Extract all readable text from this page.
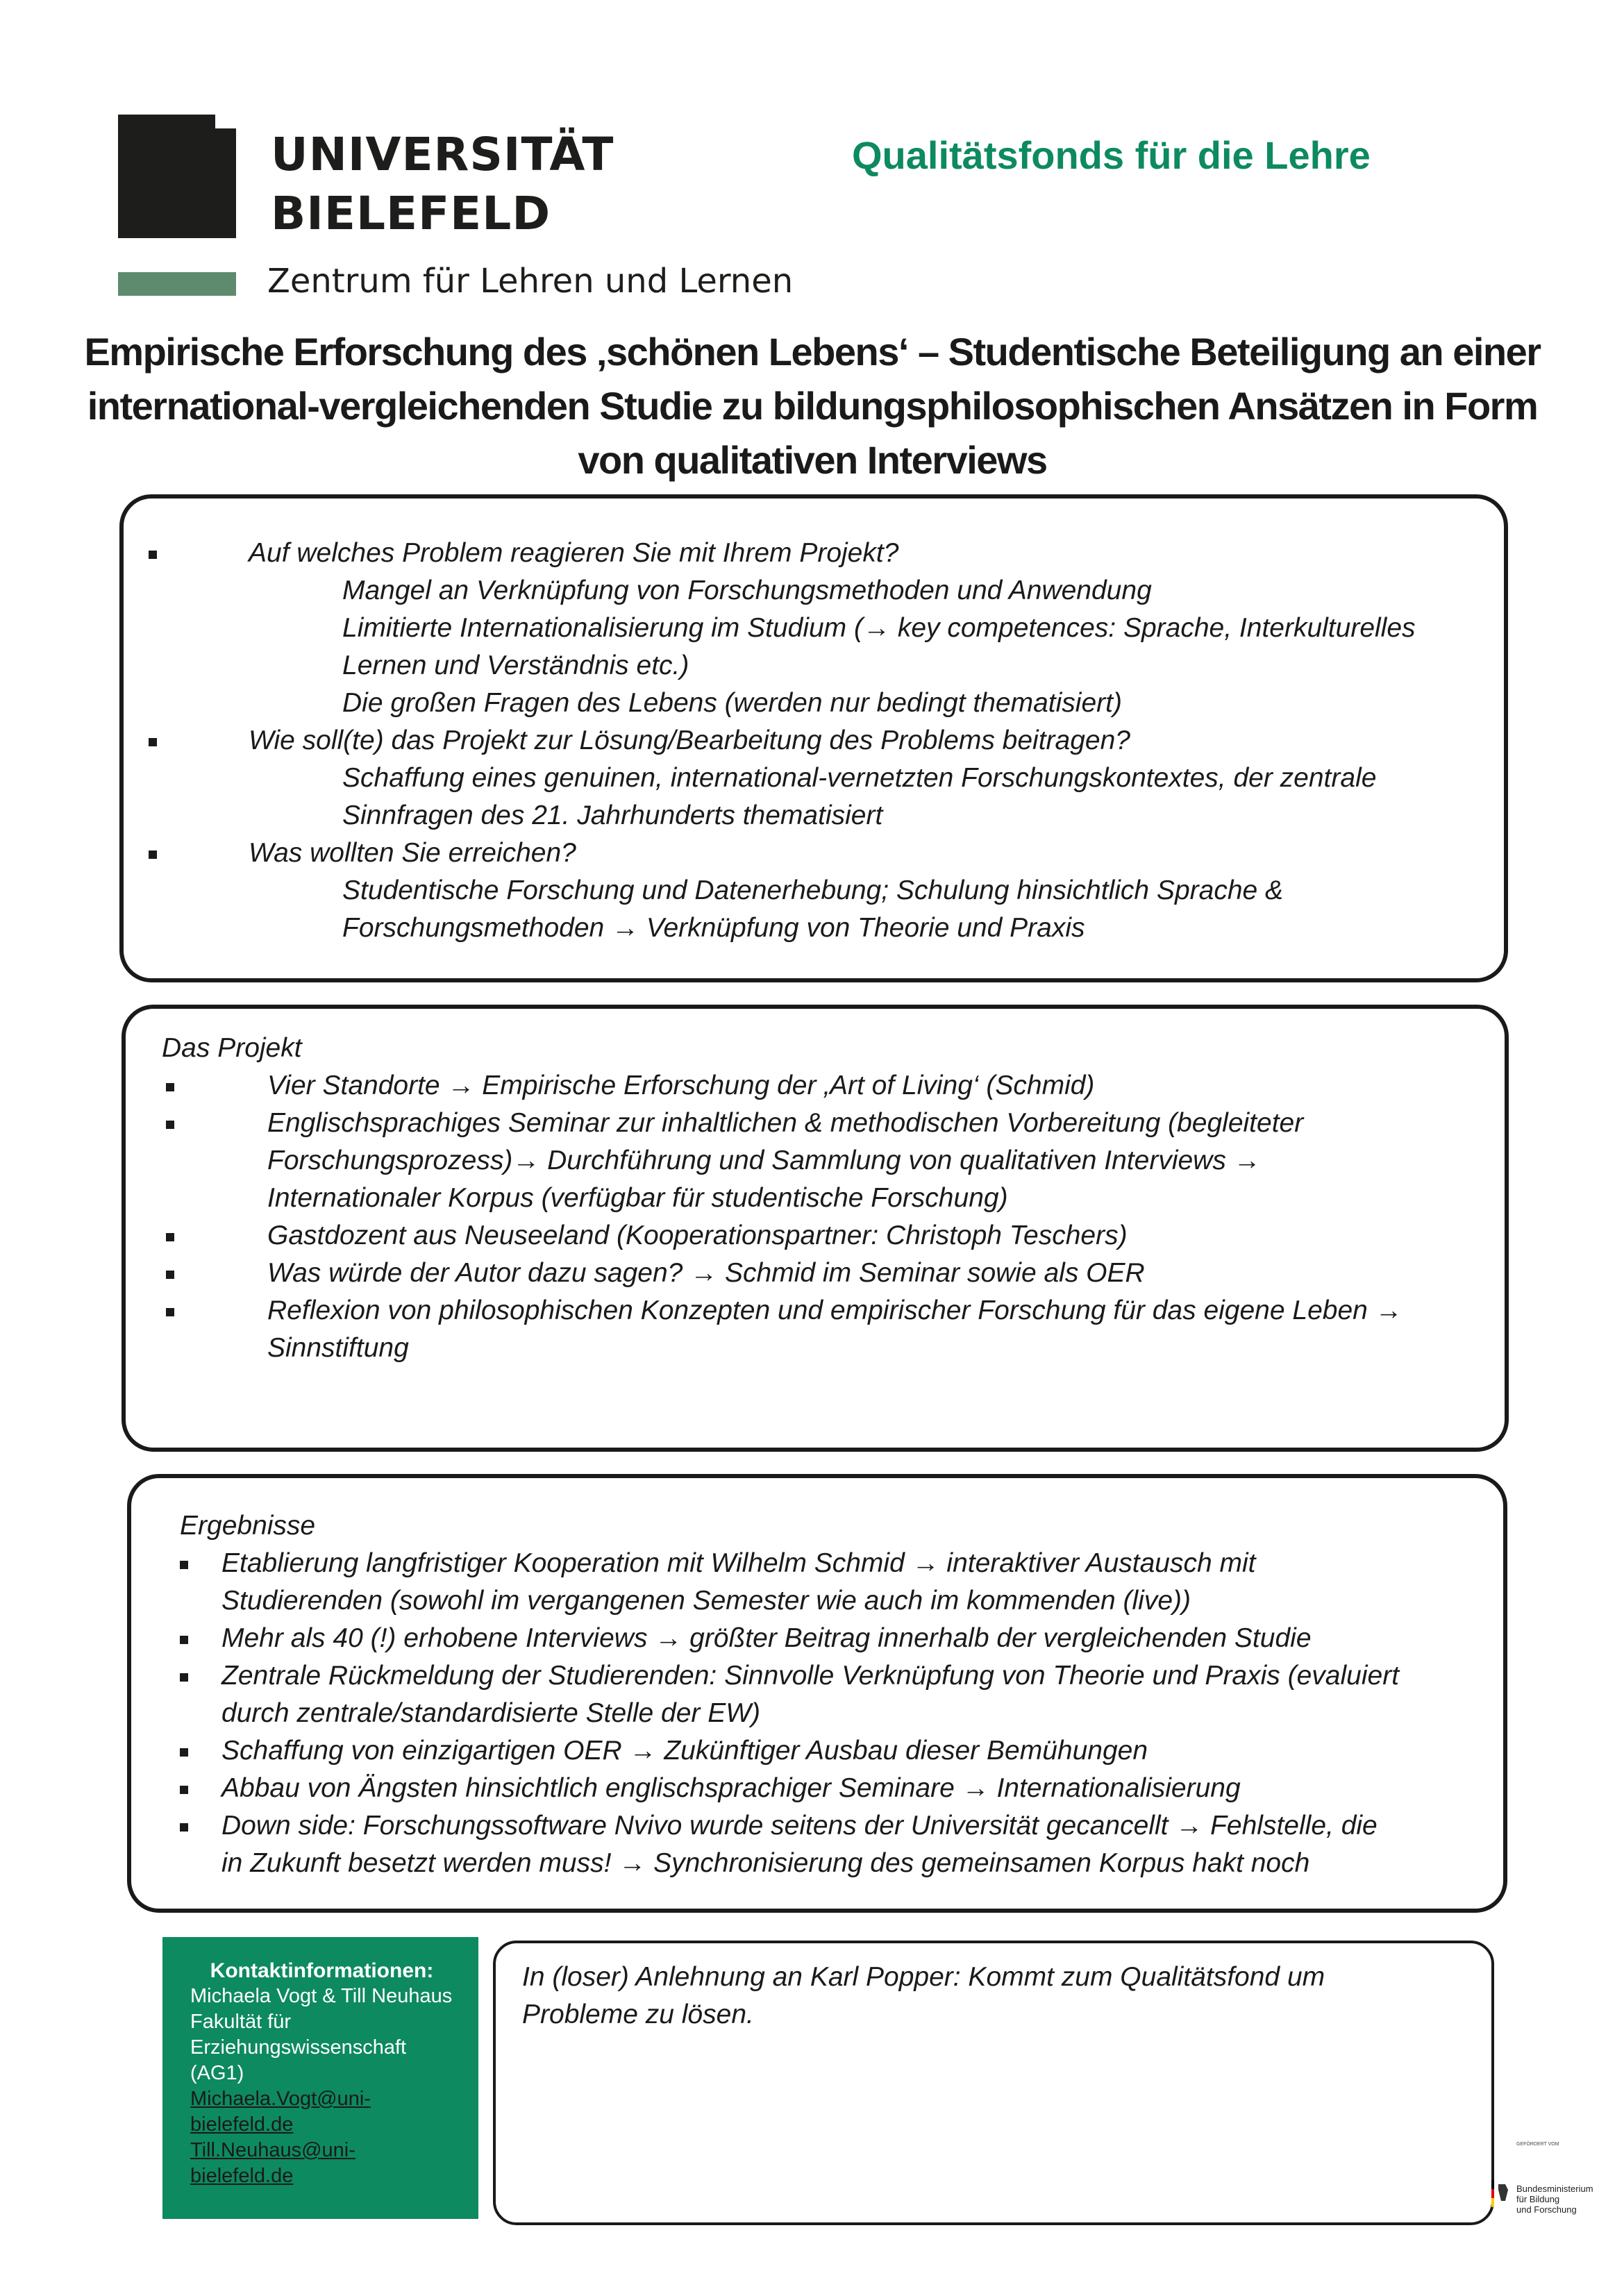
UNIVERSITÄT
BIELEFELD
Zentrum für Lehren und Lernen
Qualitätsfonds für die Lehre
Empirische Erforschung des ‚schönen Lebens‘ – Studentische Beteiligung an einer
international-vergleichenden Studie zu bildungsphilosophischen Ansätzen in Form
von qualitativen Interviews
Auf welches Problem reagieren Sie mit Ihrem Projekt?
Mangel an Verknüpfung von Forschungsmethoden und Anwendung
Limitierte Internationalisierung im Studium (→ key competences: Sprache, Interkulturelles
Lernen und Verständnis etc.)
Die großen Fragen des Lebens (werden nur bedingt thematisiert)
Wie soll(te) das Projekt zur Lösung/Bearbeitung des Problems beitragen?
Schaffung eines genuinen, international-vernetzten Forschungskontextes, der zentrale
Sinnfragen des 21. Jahrhunderts thematisiert
Was wollten Sie erreichen?
Studentische Forschung und Datenerhebung; Schulung hinsichtlich Sprache &
Forschungsmethoden → Verknüpfung von Theorie und Praxis
Das Projekt
Vier Standorte → Empirische Erforschung der ‚Art of Living‘ (Schmid)
Englischsprachiges Seminar zur inhaltlichen & methodischen Vorbereitung (begleiteter
Forschungsprozess)→ Durchführung und Sammlung von qualitativen Interviews →
Internationaler Korpus (verfügbar für studentische Forschung)
Gastdozent aus Neuseeland (Kooperationspartner: Christoph Teschers)
Was würde der Autor dazu sagen? → Schmid im Seminar sowie als OER
Reflexion von philosophischen Konzepten und empirischer Forschung für das eigene Leben →
Sinnstiftung
Ergebnisse
Etablierung langfristiger Kooperation mit Wilhelm Schmid → interaktiver Austausch mit
Studierenden (sowohl im vergangenen Semester wie auch im kommenden (live))
Mehr als 40 (!) erhobene Interviews → größter Beitrag innerhalb der vergleichenden Studie
Zentrale Rückmeldung der Studierenden: Sinnvolle Verknüpfung von Theorie und Praxis (evaluiert
durch zentrale/standardisierte Stelle der EW)
Schaffung von einzigartigen OER → Zukünftiger Ausbau dieser Bemühungen
Abbau von Ängsten hinsichtlich englischsprachiger Seminare → Internationalisierung
Down side: Forschungssoftware Nvivo wurde seitens der Universität gecancellt → Fehlstelle, die
in Zukunft besetzt werden muss! → Synchronisierung des gemeinsamen Korpus hakt noch
Kontaktinformationen:
Michaela Vogt & Till Neuhaus
Fakultät für
Erziehungswissenschaft
(AG1)
Michaela.Vogt@uni-
bielefeld.de
Till.Neuhaus@uni-
bielefeld.de
In (loser) Anlehnung an Karl Popper: Kommt zum Qualitätsfond um
Probleme zu lösen.
GEFÖRDERT VOM
Bundesministerium
für Bildung
und Forschung
